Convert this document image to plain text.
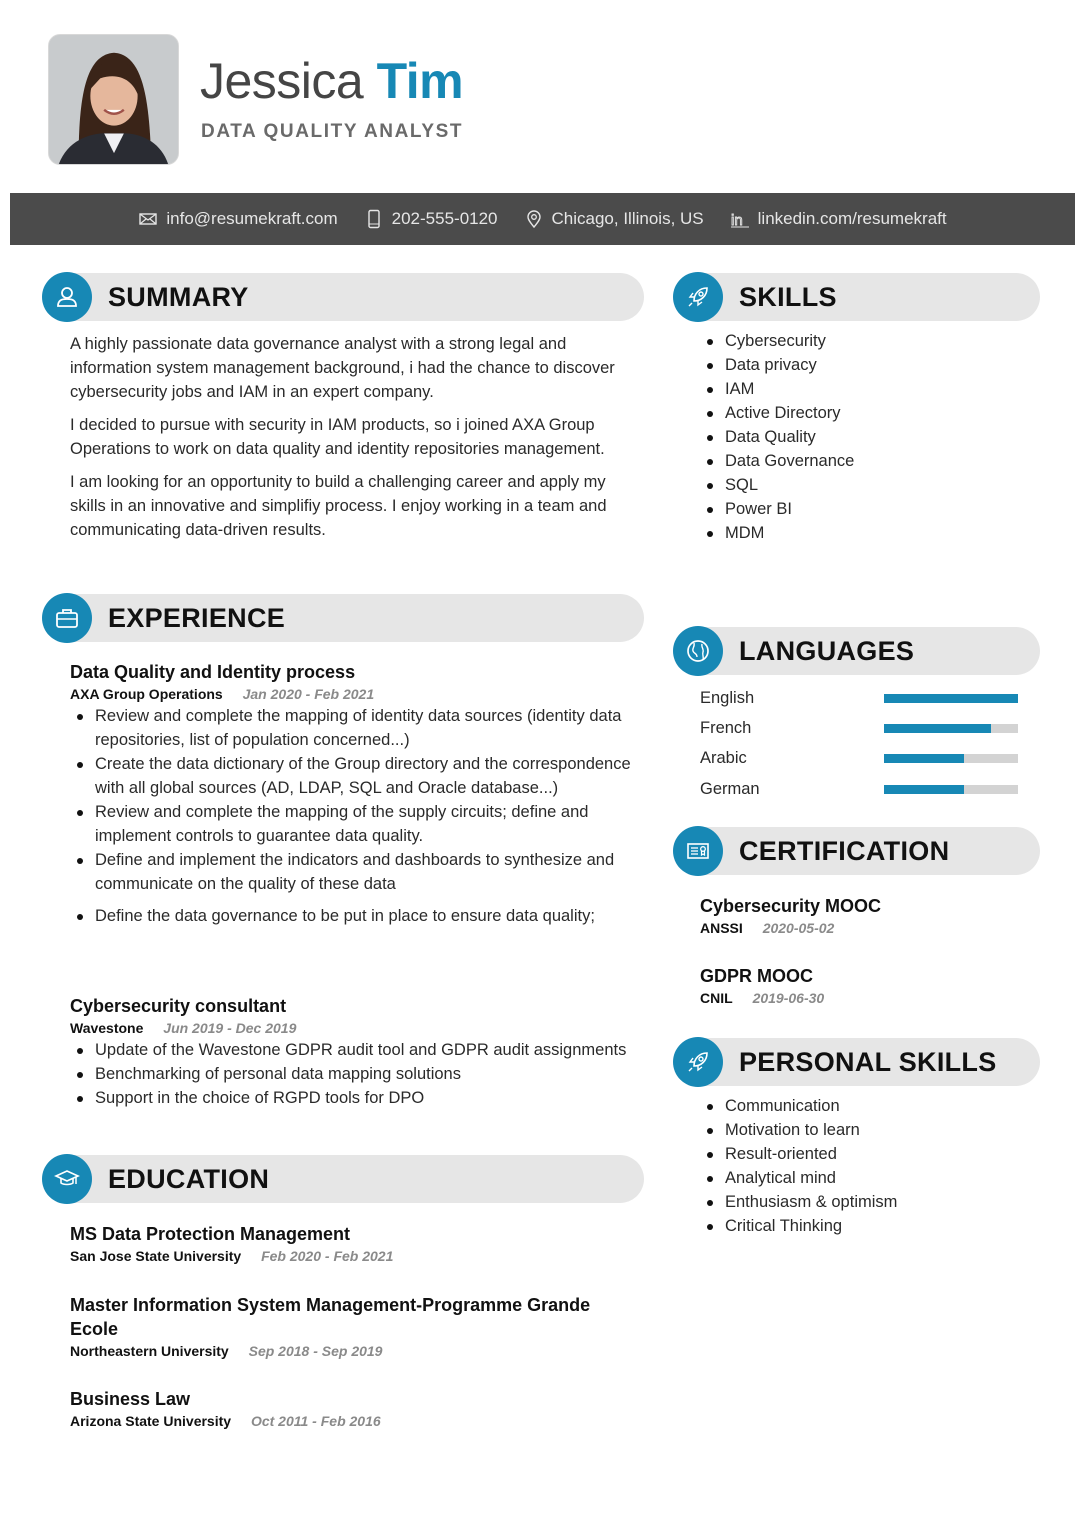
Jessica Tim
DATA QUALITY ANALYST
info@resumekraft.com	202-555-0120	Chicago, Illinois, US in linkedin.com/resumekraft
SUMMARY

A highly passionate data governance analyst with a strong legal and information system management background, i had the chance to discover cybersecurity jobs and IAM in an expert company.

I decided to pursue with security in IAM products, so i joined AXA Group Operations to work on data quality and identity repositories management.

I am looking for an opportunity to build a challenging career and apply my skills in an innovative and simplifiy process. I enjoy working in a team and communicating data-driven results.

EXPERIENCE
Data Quality and Identity process
AXA Group Operations Jan 2020 - Feb 2021
Review and complete the mapping of identity data sources (identity data repositories, list of population concerned...)
Create the data dictionary of the Group directory and the correspondence with all global sources (AD, LDAP, SQL and Oracle database...)
Review and complete the mapping of the supply circuits; define and implement controls to guarantee data quality.
Define and implement the indicators and dashboards to synthesize and communicate on the quality of these data
Define the data governance to be put in place to ensure data quality;
Cybersecurity consultant
Wavestone Jun 2019 - Dec 2019
Update of the Wavestone GDPR audit tool and GDPR audit assignments
Benchmarking of personal data mapping solutions
Support in the choice of RGPD tools for DPO
EDUCATION
MS Data Protection Management
San Jose State University Feb 2020 - Feb 2021
Master Information System Management-Programme Grande Ecole
Northeastern University Sep 2018 - Sep 2019
Business Law
Arizona State University Oct 2011 - Feb 2016
SKILLS
Cybersecurity
Data privacy
IAM
Active Directory
Data Quality
Data Governance
SQL
Power BI
MDM
LANGUAGES
English
French
Arabic
German
CERTIFICATION
Cybersecurity MOOC
ANSSI 2020-05-02
GDPR MOOC
CNIL 2019-06-30
PERSONAL SKILLS
Communication
Motivation to learn
Result-oriented
Analytical mind
Enthusiasm & optimism
Critical Thinking
